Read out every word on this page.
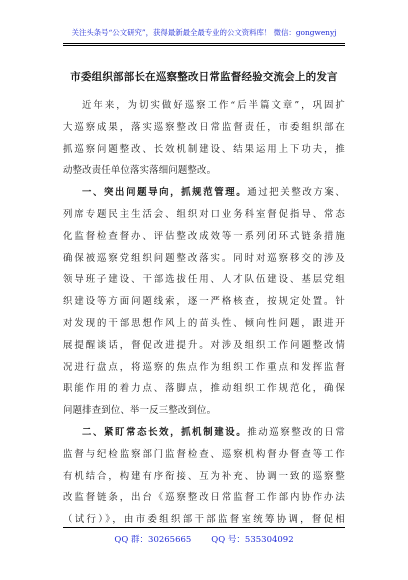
关注头条号“公文研究”，获得最新最全最专业的公文资料库！ 微信：gongwenyj
市委组织部部长在巡察整改日常监督经验交流会上的发言
近年来，为切实做好巡察工作“后半篇文章”，巩固扩
大巡察成果，落实巡察整改日常监督责任，市委组织部在
抓巡察问题整改、长效机制建设、结果运用上下功夫，推
动整改责任单位落实落细问题整改。
一、突出问题导向，抓规范管理。通过把关整改方案、
列席专题民主生活会、组织对口业务科室督促指导、常态
化监督检查督办、评估整改成效等一系列闭环式链条措施
确保被巡察党组织问题整改落实。同时对巡察移交的涉及
领导班子建设、干部选拔任用、人才队伍建设、基层党组
织建设等方面问题线索，逐一严格核查，按规定处置。针
对发现的干部思想作风上的苗头性、倾向性问题，跟进开
展提醒谈话，督促改进提升。对涉及组织工作问题整改情
况进行盘点，将巡察的焦点作为组织工作重点和发挥监督
职能作用的着力点、落脚点，推动组织工作规范化，确保
问题排查到位、举一反三整改到位。
二、紧盯常态长效，抓机制建设。推动巡察整改的日常
监督与纪检监察部门监督检查、巡察机构督办督查等工作
有机结合，构建有序衔接、互为补充、协调一致的巡察整
改监督链条，出台《巡察整改日常监督工作部内协作办法
（试行）》，由市委组织部干部监督室统筹协调，督促相
QQ 群：30265665 QQ 号：535304092
